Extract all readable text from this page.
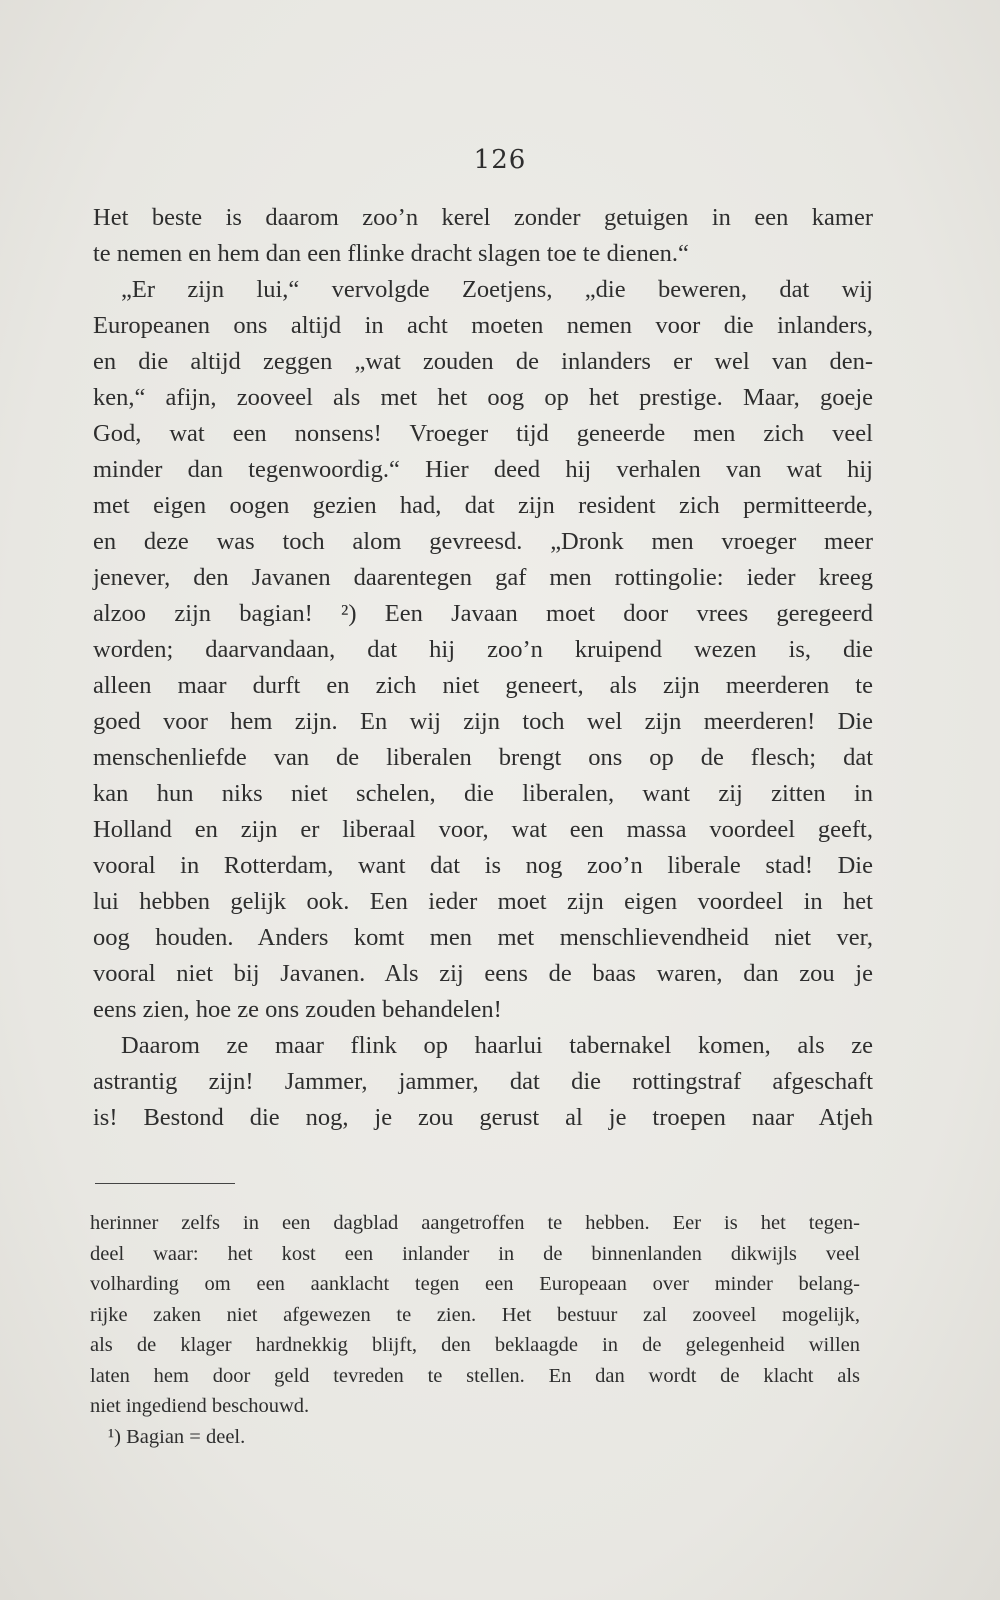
126
Het beste is daarom zoo’n kerel zonder getuigen in een kamer
te nemen en hem dan een flinke dracht slagen toe te dienen.“
„Er zijn lui,“ vervolgde Zoetjens, „die beweren, dat wij
Europeanen ons altijd in acht moeten nemen voor die inlanders,
en die altijd zeggen „wat zouden de inlanders er wel van den-
ken,“ afijn, zooveel als met het oog op het prestige. Maar, goeje
God, wat een nonsens! Vroeger tijd geneerde men zich veel
minder dan tegenwoordig.“ Hier deed hij verhalen van wat hij
met eigen oogen gezien had, dat zijn resident zich permitteerde,
en deze was toch alom gevreesd. „Dronk men vroeger meer
jenever, den Javanen daarentegen gaf men rottingolie: ieder kreeg
alzoo zijn bagian! ²) Een Javaan moet door vrees geregeerd
worden; daarvandaan, dat hij zoo’n kruipend wezen is, die
alleen maar durft en zich niet geneert, als zijn meerderen te
goed voor hem zijn. En wij zijn toch wel zijn meerderen! Die
menschenliefde van de liberalen brengt ons op de flesch; dat
kan hun niks niet schelen, die liberalen, want zij zitten in
Holland en zijn er liberaal voor, wat een massa voordeel geeft,
vooral in Rotterdam, want dat is nog zoo’n liberale stad! Die
lui hebben gelijk ook. Een ieder moet zijn eigen voordeel in het
oog houden. Anders komt men met menschlievendheid niet ver,
vooral niet bij Javanen. Als zij eens de baas waren, dan zou je
eens zien, hoe ze ons zouden behandelen!
Daarom ze maar flink op haarlui tabernakel komen, als ze
astrantig zijn! Jammer, jammer, dat die rottingstraf afgeschaft
is! Bestond die nog, je zou gerust al je troepen naar Atjeh
herinner zelfs in een dagblad aangetroffen te hebben. Eer is het tegen-
deel waar: het kost een inlander in de binnenlanden dikwijls veel
volharding om een aanklacht tegen een Europeaan over minder belang-
rijke zaken niet afgewezen te zien. Het bestuur zal zooveel mogelijk,
als de klager hardnekkig blijft, den beklaagde in de gelegenheid willen
laten hem door geld tevreden te stellen. En dan wordt de klacht als
niet ingediend beschouwd.
¹) Bagian = deel.
